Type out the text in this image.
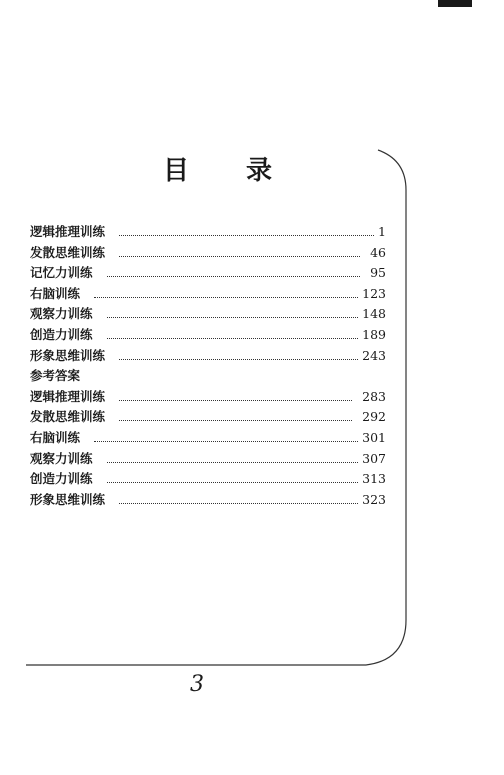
目 录
逻辑推理训练	1
发散思维训练	46
记忆力训练	95
右脑训练	123
观察力训练	148
创造力训练	189
形象思维训练	243
参考答案
逻辑推理训练	283
发散思维训练	292
右脑训练	301
观察力训练	307
创造力训练	313
形象思维训练	323
3
